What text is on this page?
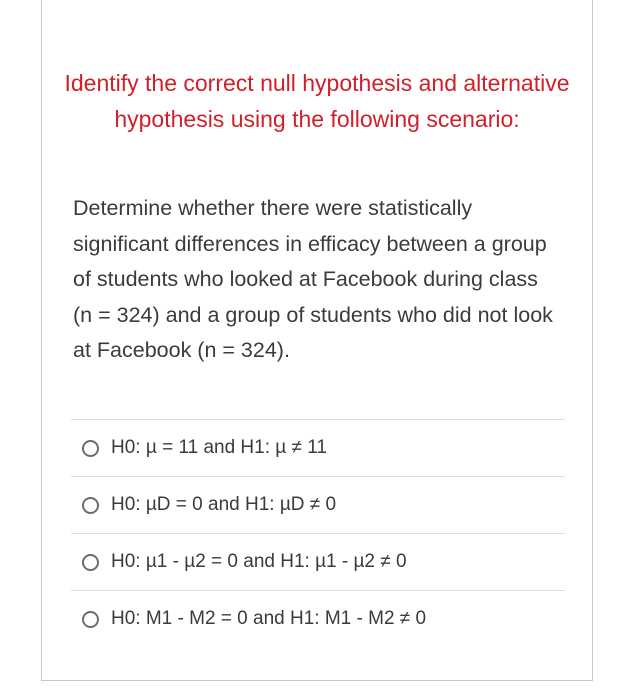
Identify the correct null hypothesis and alternative hypothesis using the following scenario:
Determine whether there were statistically significant differences in efficacy between a group of students who looked at Facebook during class (n = 324) and a group of students who did not look at Facebook (n = 324).
H0: µ = 11 and H1: µ ≠ 11
H0: µD = 0 and H1: µD ≠ 0
H0: µ1 - µ2 = 0 and H1: µ1 - µ2 ≠ 0
H0: M1 - M2 = 0 and H1: M1 - M2 ≠ 0
